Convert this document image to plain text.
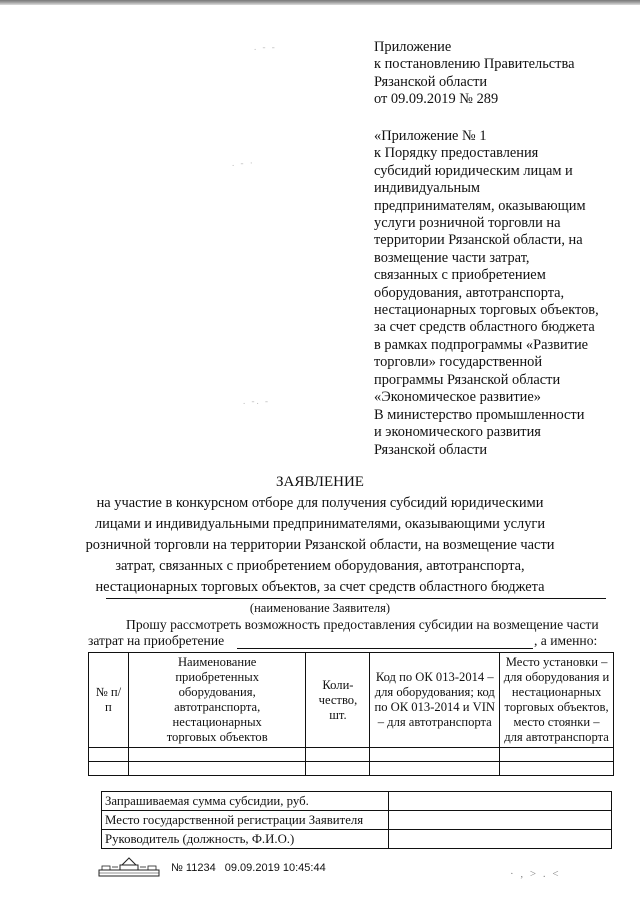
Приложение
к постановлению Правительства
Рязанской области
от 09.09.2019 № 289
«Приложение № 1
к Порядку предоставления
субсидий юридическим лицам и
индивидуальным
предпринимателям, оказывающим
услуги розничной торговли на
территории Рязанской области, на
возмещение части затрат,
связанных с приобретением
оборудования, автотранспорта,
нестационарных торговых объектов,
за счет средств областного бюджета
в рамках подпрограммы «Развитие
торговли» государственной
программы Рязанской области
«Экономическое развитие»
В министерство промышленности
и экономического развития
Рязанской области
ЗАЯВЛЕНИЕ
на участие в конкурсном отборе для получения субсидий юридическими
лицами и индивидуальными предпринимателями, оказывающими услуги
розничной торговли на территории Рязанской области, на возмещение части
затрат, связанных с приобретением оборудования, автотранспорта,
нестационарных торговых объектов, за счет средств областного бюджета
(наименование Заявителя)
Прошу рассмотреть возможность предоставления субсидии на возмещение части
затрат на приобретение	, а именно:
№ п/п	Наименование приобретенных оборудования, автотранспорта, нестационарных торговых объектов	Коли-чество, шт.	Код по ОК 013-2014 – для оборудования; код по ОК 013-2014 и VIN – для автотранспорта	Место установки – для оборудования и нестационарных торговых объектов, место стоянки – для автотранспорта

Запрашиваемая сумма субсидии, руб.	
Место государственной регистрации Заявителя	
Руководитель (должность, Ф.И.О.)	
№ 11234 09.09.2019 10:45:44
. - -
. - ·
. -. -
· , > . <
